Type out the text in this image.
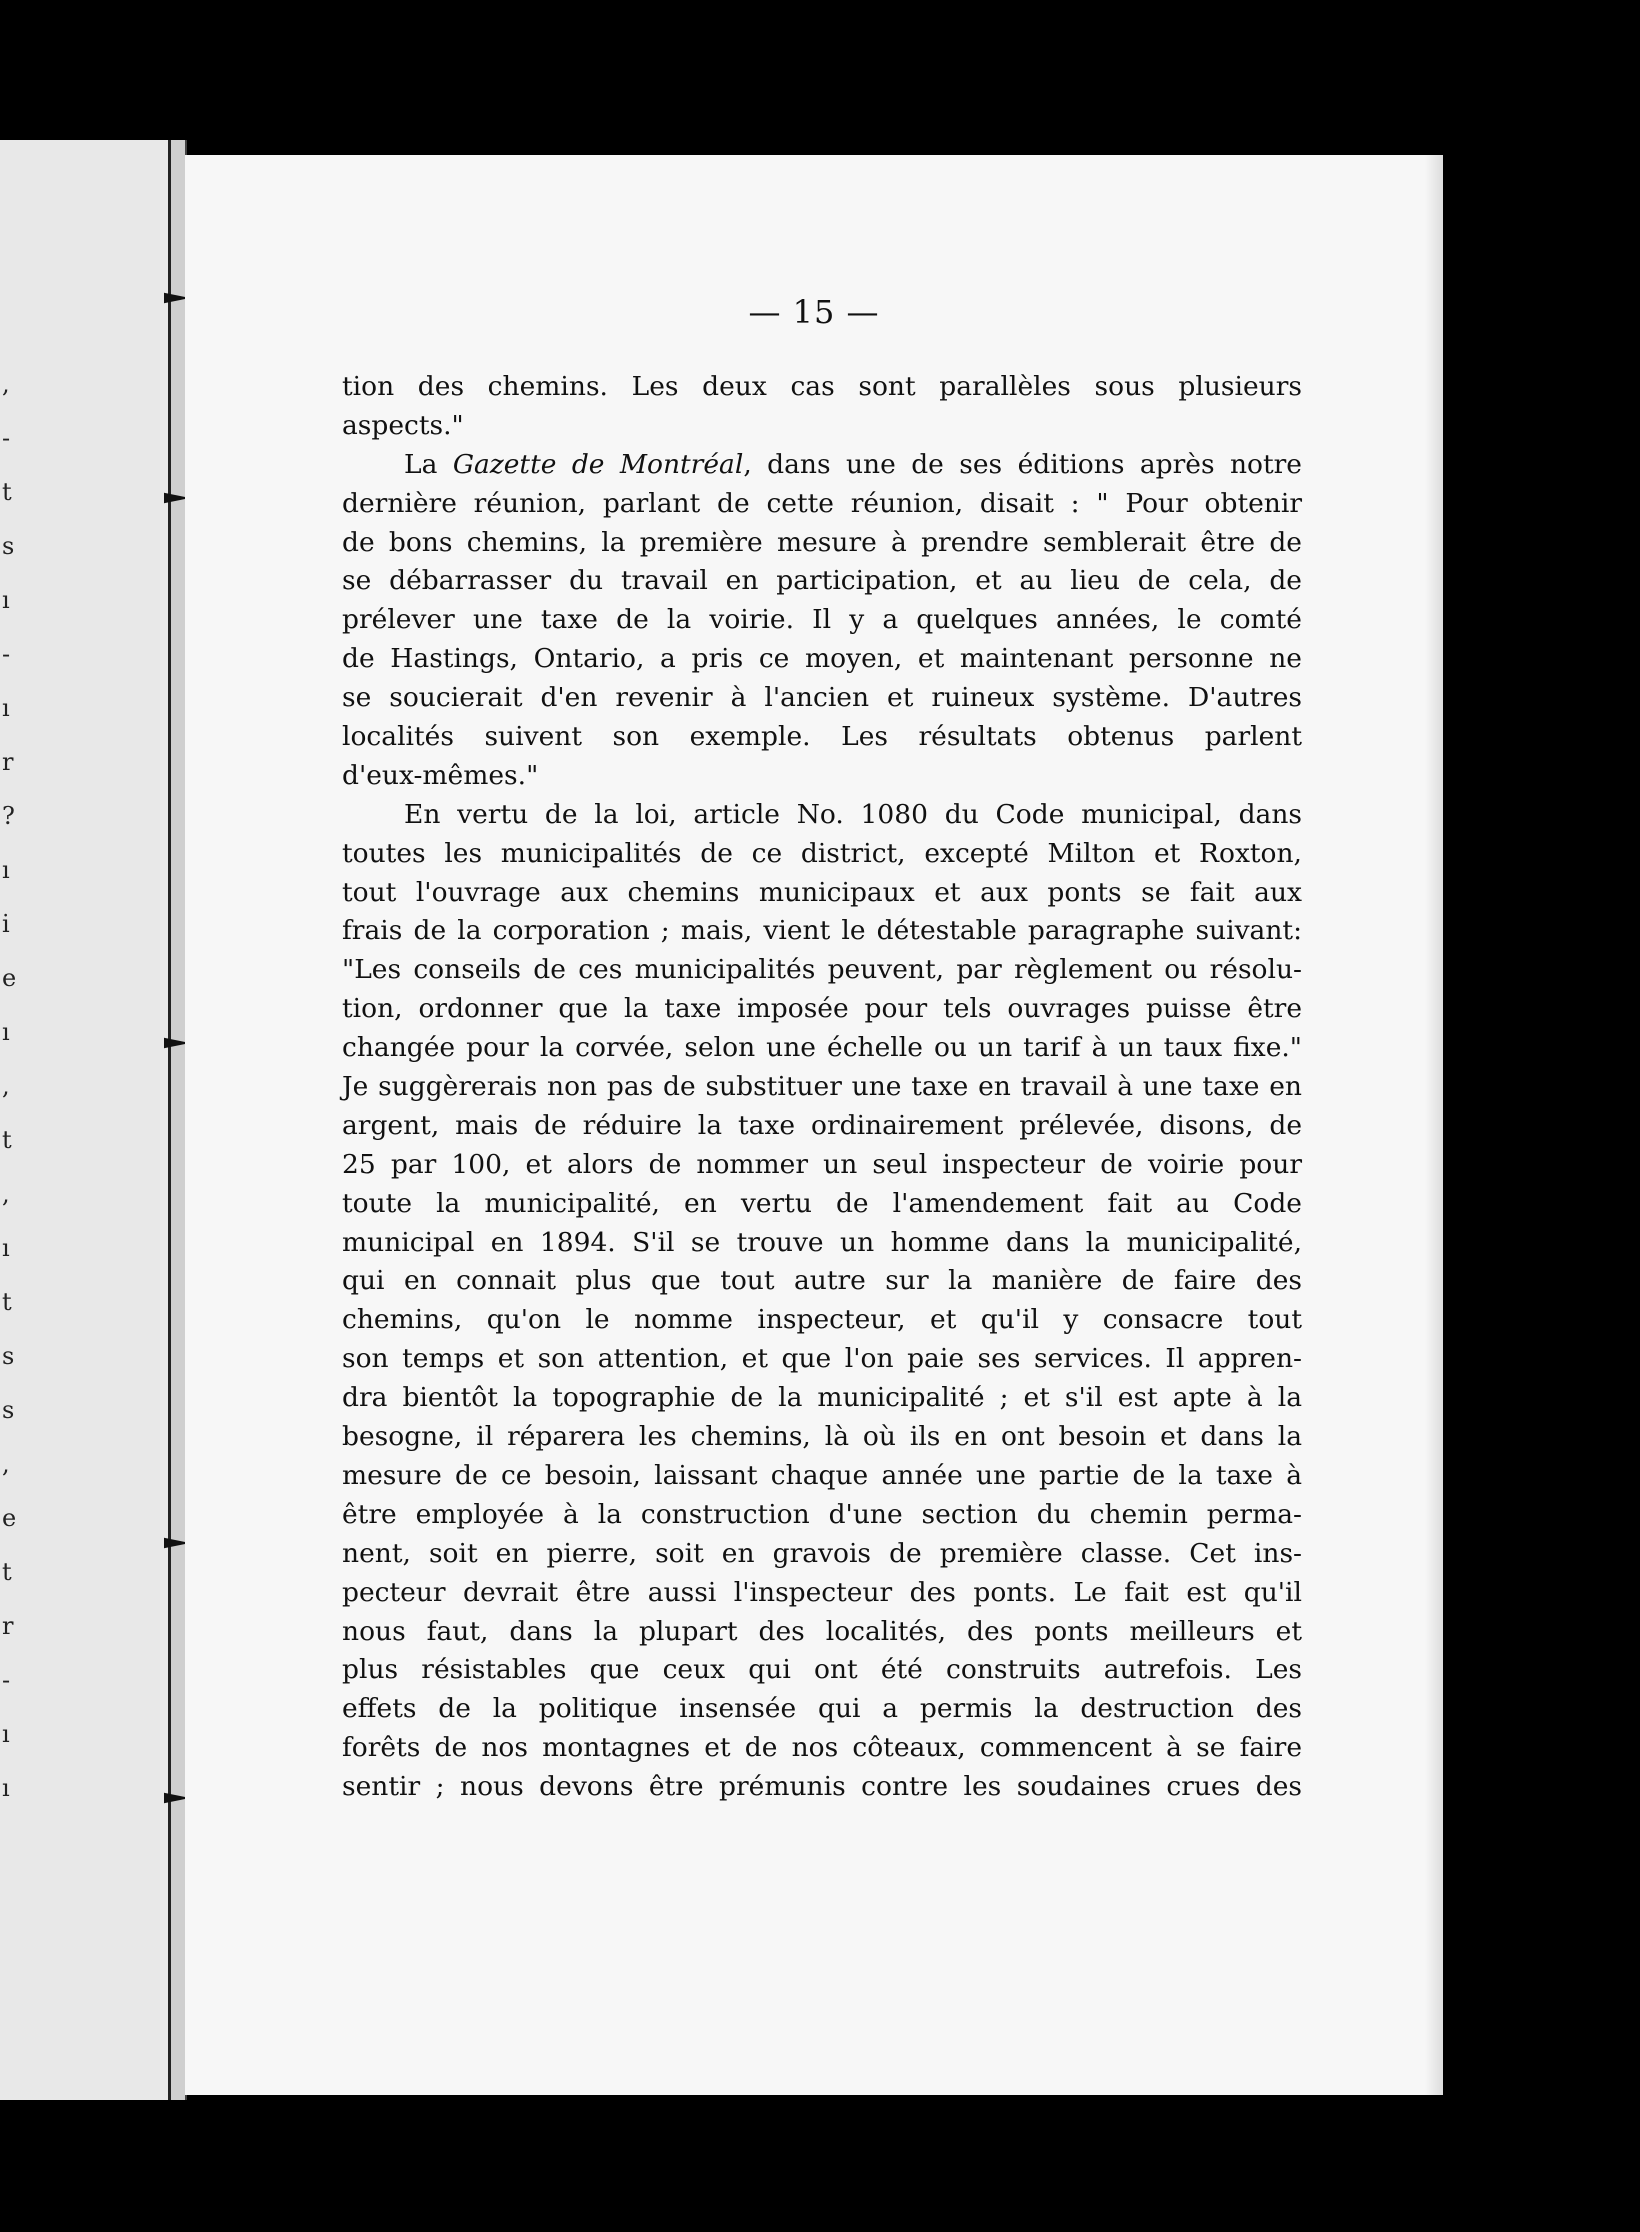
,
-
t
s
ı
-
ı
r
?
ı
i
e
ı
,
t
,
ı
t
s
s
,
e
t
r
-
ı
ı
— 15 —
tion des chemins. Les deux cas sont parallèles sous plusieurs
aspects."
La Gazette de Montréal, dans une de ses éditions après notre
dernière réunion, parlant de cette réunion, disait : " Pour obtenir
de bons chemins, la première mesure à prendre semblerait être de
se débarrasser du travail en participation, et au lieu de cela, de
prélever une taxe de la voirie. Il y a quelques années, le comté
de Hastings, Ontario, a pris ce moyen, et maintenant personne ne
se soucierait d'en revenir à l'ancien et ruineux système. D'autres
localités suivent son exemple. Les résultats obtenus parlent
d'eux-mêmes."
En vertu de la loi, article No. 1080 du Code municipal, dans
toutes les municipalités de ce district, excepté Milton et Roxton,
tout l'ouvrage aux chemins municipaux et aux ponts se fait aux
frais de la corporation ; mais, vient le détestable paragraphe suivant:
"Les conseils de ces municipalités peuvent, par règlement ou résolu-
tion, ordonner que la taxe imposée pour tels ouvrages puisse être
changée pour la corvée, selon une échelle ou un tarif à un taux fixe."
Je suggèrerais non pas de substituer une taxe en travail à une taxe en
argent, mais de réduire la taxe ordinairement prélevée, disons, de
25 par 100, et alors de nommer un seul inspecteur de voirie pour
toute la municipalité, en vertu de l'amendement fait au Code
municipal en 1894. S'il se trouve un homme dans la municipalité,
qui en connait plus que tout autre sur la manière de faire des
chemins, qu'on le nomme inspecteur, et qu'il y consacre tout
son temps et son attention, et que l'on paie ses services. Il appren-
dra bientôt la topographie de la municipalité ; et s'il est apte à la
besogne, il réparera les chemins, là où ils en ont besoin et dans la
mesure de ce besoin, laissant chaque année une partie de la taxe à
être employée à la construction d'une section du chemin perma-
nent, soit en pierre, soit en gravois de première classe. Cet ins-
pecteur devrait être aussi l'inspecteur des ponts. Le fait est qu'il
nous faut, dans la plupart des localités, des ponts meilleurs et
plus résistables que ceux qui ont été construits autrefois. Les
effets de la politique insensée qui a permis la destruction des
forêts de nos montagnes et de nos côteaux, commencent à se faire
sentir ; nous devons être prémunis contre les soudaines crues des
